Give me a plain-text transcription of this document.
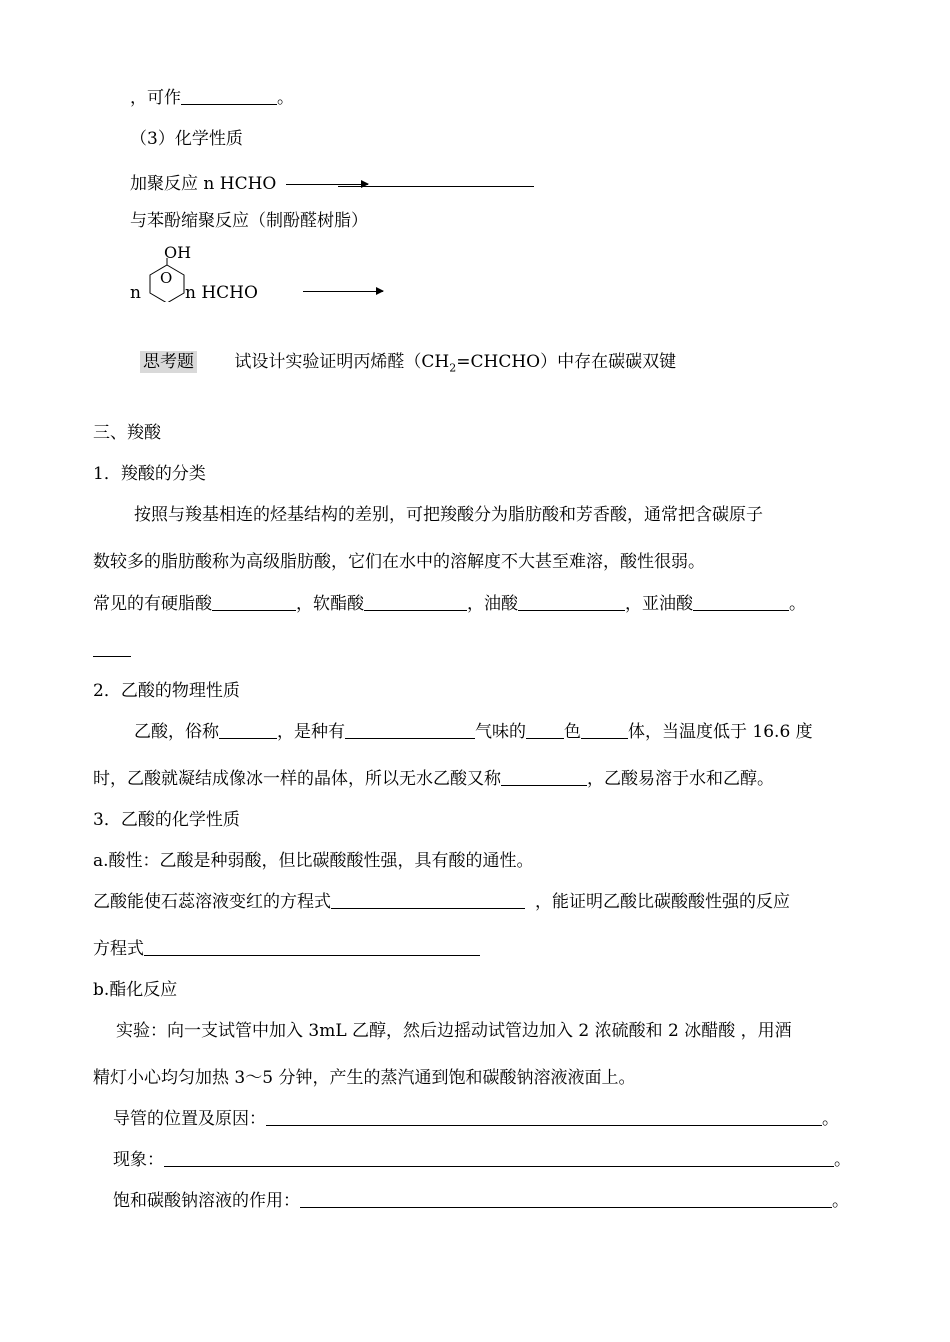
，可作	。
（3）化学性质
加聚反应 n HCHO
与苯酚缩聚反应（制酚醛树脂）
OH
n
O
n HCHO
思考题 试设计实验证明丙烯醛$(CH_2=CHCHO)$中存在碳碳双键
三、羧酸
1．羧酸的分类
按照与羧基相连的烃基结构的差别，可把羧酸分为脂肪酸和芳香酸，通常把含碳原子
数较多的脂肪酸称为高级脂肪酸，它们在水中的溶解度不大甚至难溶，酸性很弱。
常见的有硬脂酸	，软酯酸	，油酸	，亚油酸	。
2．乙酸的物理性质
乙酸，俗称	，是种有	气味的 色	体，当温度低于 16.6 度
时，乙酸就凝结成像冰一样的晶体，所以无水乙酸又称	，乙酸易溶于水和乙醇。
3．乙酸的化学性质
a.酸性：乙酸是种弱酸，但比碳酸酸性强，具有酸的通性。
乙酸能使石蕊溶液变红的方程式	，能证明乙酸比碳酸酸性强的反应
方程式
b.酯化反应
实验：向一支试管中加入 3mL 乙醇，然后边摇动试管边加入 2 浓硫酸和 2 冰醋酸 ，用酒
精灯小心均匀加热 3～5 分钟，产生的蒸汽通到饱和碳酸钠溶液液面上。
导管的位置及原因：	。
现象：	。
饱和碳酸钠溶液的作用：	。
